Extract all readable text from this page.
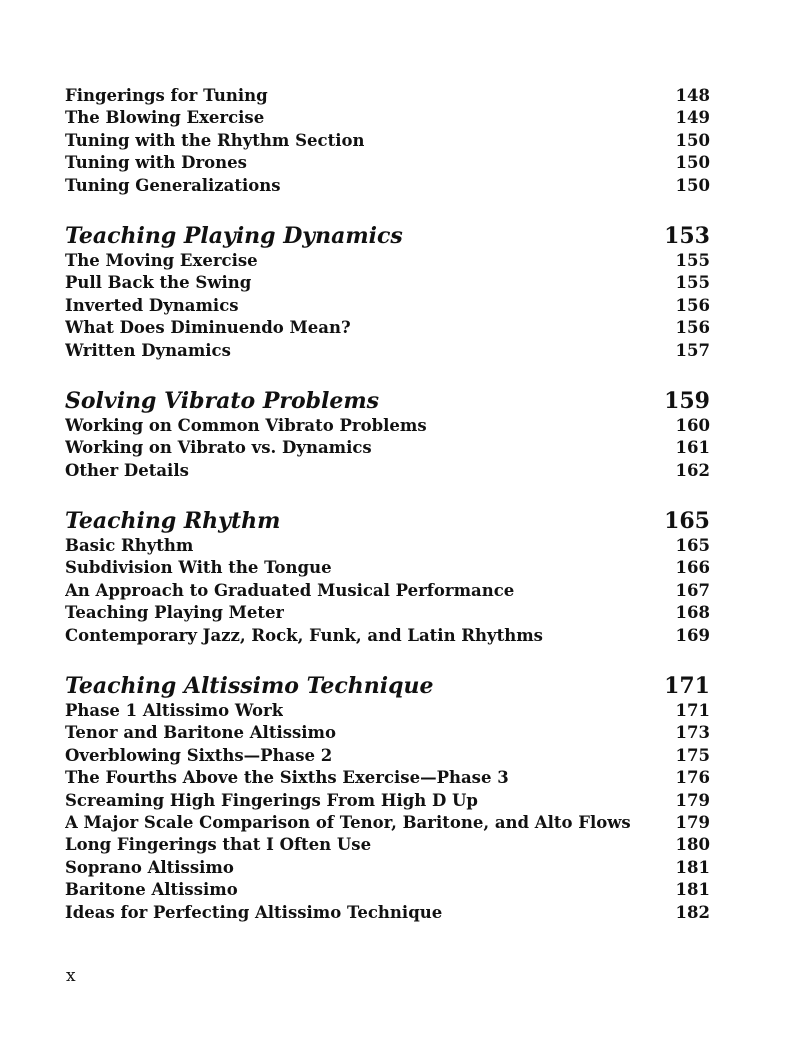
Fingerings for Tuning	148
The Blowing Exercise	149
Tuning with the Rhythm Section	150
Tuning with Drones	150
Tuning Generalizations	150
Teaching Playing Dynamics	153
The Moving Exercise	155
Pull Back the Swing	155
Inverted Dynamics	156
What Does Diminuendo Mean?	156
Written Dynamics	157
Solving Vibrato Problems	159
Working on Common Vibrato Problems	160
Working on Vibrato vs. Dynamics	161
Other Details	162
Teaching Rhythm	165
Basic Rhythm	165
Subdivision With the Tongue	166
An Approach to Graduated Musical Performance	167
Teaching Playing Meter	168
Contemporary Jazz, Rock, Funk, and Latin Rhythms	169
Teaching Altissimo Technique	171
Phase 1 Altissimo Work	171
Tenor and Baritone Altissimo	173
Overblowing Sixths—Phase 2	175
The Fourths Above the Sixths Exercise—Phase 3	176
Screaming High Fingerings From High D Up	179
A Major Scale Comparison of Tenor, Baritone, and Alto Flows	179
Long Fingerings that I Often Use	180
Soprano Altissimo	181
Baritone Altissimo	181
Ideas for Perfecting Altissimo Technique	182
x
